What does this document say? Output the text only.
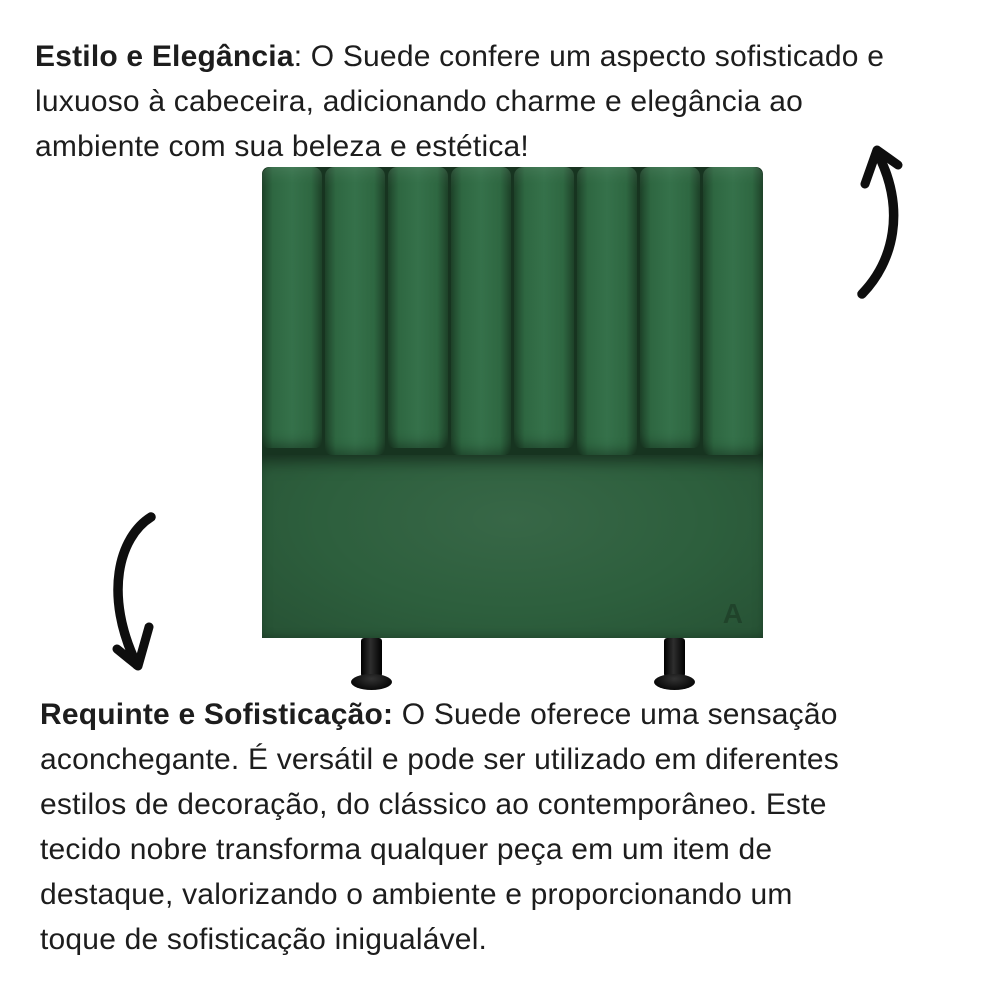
Estilo e Elegância: O Suede confere um aspecto sofisticado e
luxuoso à cabeceira, adicionando charme e elegância ao
ambiente com sua beleza e estética!
A
Requinte e Sofisticação: O Suede oferece uma sensação
aconchegante. É versátil e pode ser utilizado em diferentes
estilos de decoração, do clássico ao contemporâneo. Este
tecido nobre transforma qualquer peça em um item de
destaque, valorizando o ambiente e proporcionando um
toque de sofisticação inigualável.
